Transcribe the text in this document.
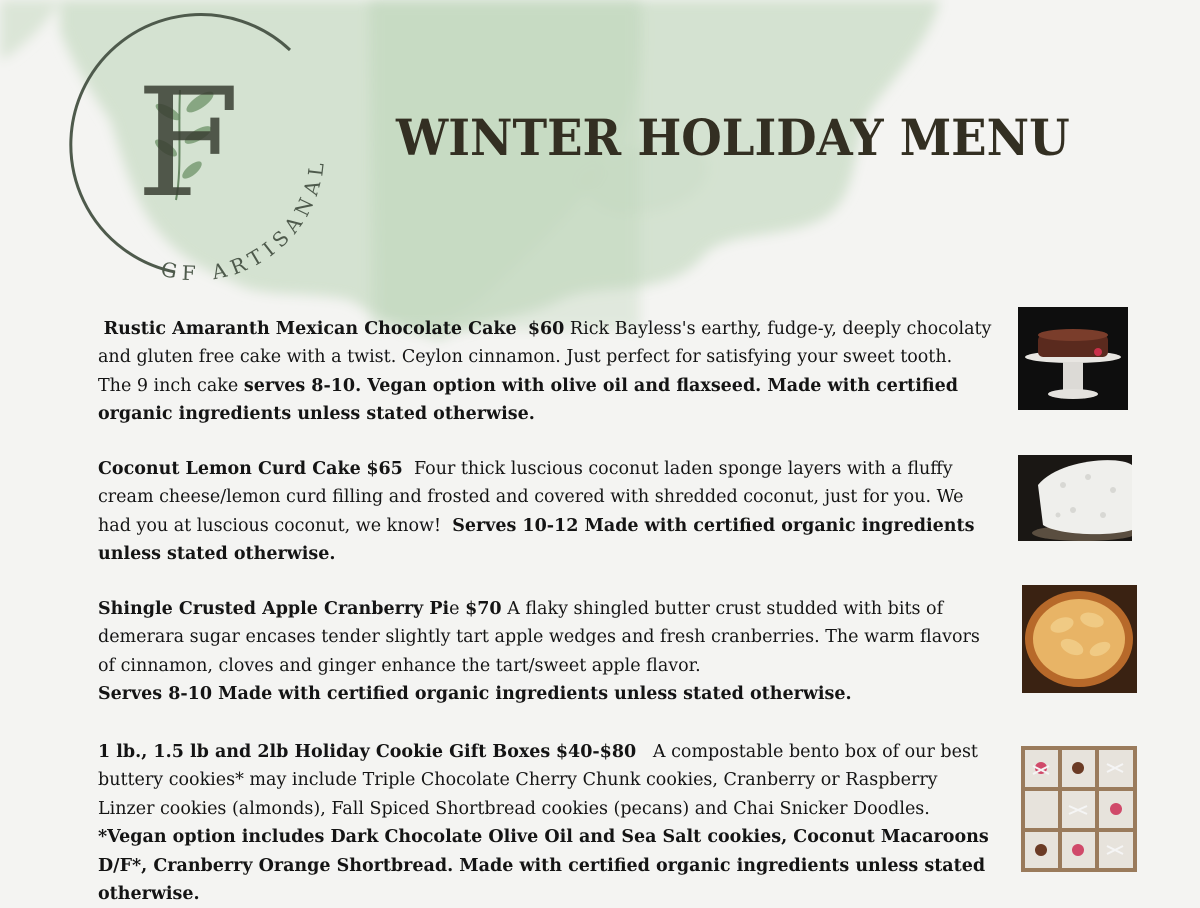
F
GF ARTISANAL WINTER HOLIDAY MENU

Rustic Amaranth Mexican Chocolate Cake $60 Rick Bayless's earthy, fudge-y, deeply chocolaty and gluten free cake with a twist. Ceylon cinnamon. Just perfect for satisfying your sweet tooth.
The 9 inch cake serves 8-10. Vegan option with olive oil and flaxseed. Made with certified organic ingredients unless stated otherwise.

Coconut Lemon Curd Cake $65 Four thick luscious coconut laden sponge layers with a fluffy cream cheese/lemon curd filling and frosted and covered with shredded coconut, just for you. We had you at luscious coconut, we know! Serves 10-12 Made with certified organic ingredients unless stated otherwise.

Shingle Crusted Apple Cranberry Pie $70 A flaky shingled butter crust studded with bits of demerara sugar encases tender slightly tart apple wedges and fresh cranberries. The warm flavors of cinnamon, cloves and ginger enhance the tart/sweet apple flavor.
Serves 8-10 Made with certified organic ingredients unless stated otherwise.

1 lb., 1.5 lb and 2lb Holiday Cookie Gift Boxes $40-$80 A compostable bento box of our best buttery cookies* may include Triple Chocolate Cherry Chunk cookies, Cranberry or Raspberry Linzer cookies (almonds), Fall Spiced Shortbread cookies (pecans) and Chai Snicker Doodles.
*Vegan option includes Dark Chocolate Olive Oil and Sea Salt cookies, Coconut Macaroons D/F*, Cranberry Orange Shortbread. Made with certified organic ingredients unless stated otherwise.
